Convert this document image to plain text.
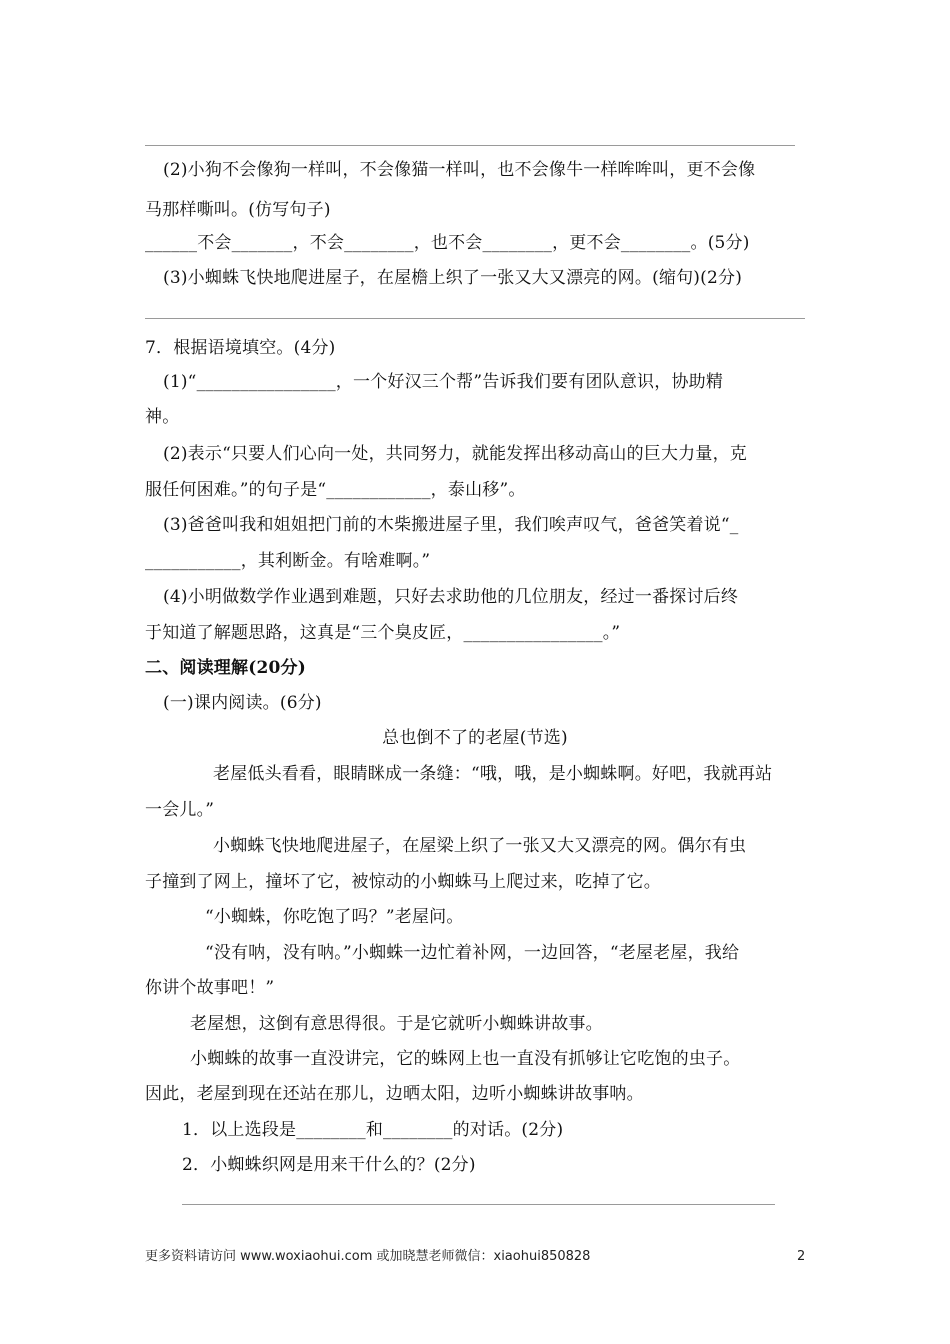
(2)小狗不会像狗一样叫，不会像猫一样叫，也不会像牛一样哞哞叫，更不会像
马那样嘶叫。(仿写句子)
______不会_______，不会________，也不会________，更不会________。(5分)
(3)小蜘蛛飞快地爬进屋子，在屋檐上织了一张又大又漂亮的网。(缩句)(2分)
7．根据语境填空。(4分)
(1)“________________，一个好汉三个帮”告诉我们要有团队意识，协助精
神。
(2)表示“只要人们心向一处，共同努力，就能发挥出移动高山的巨大力量，克
服任何困难。”的句子是“____________，泰山移”。
(3)爸爸叫我和姐姐把门前的木柴搬进屋子里，我们唉声叹气，爸爸笑着说“_
___________，其利断金。有啥难啊。”
(4)小明做数学作业遇到难题，只好去求助他的几位朋友，经过一番探讨后终
于知道了解题思路，这真是“三个臭皮匠，________________。”
二、阅读理解(20分)
(一)课内阅读。(6分)
总也倒不了的老屋(节选)
老屋低头看看，眼睛眯成一条缝：“哦，哦，是小蜘蛛啊。好吧，我就再站
一会儿。”
小蜘蛛飞快地爬进屋子，在屋梁上织了一张又大又漂亮的网。偶尔有虫
子撞到了网上，撞坏了它，被惊动的小蜘蛛马上爬过来，吃掉了它。
“小蜘蛛，你吃饱了吗？”老屋问。
“没有呐，没有呐。”小蜘蛛一边忙着补网，一边回答，“老屋老屋，我给
你讲个故事吧！”
老屋想，这倒有意思得很。于是它就听小蜘蛛讲故事。
小蜘蛛的故事一直没讲完，它的蛛网上也一直没有抓够让它吃饱的虫子。
因此，老屋到现在还站在那儿，边晒太阳，边听小蜘蛛讲故事呐。
1．以上选段是________和________的对话。(2分)
2．小蜘蛛织网是用来干什么的？(2分)
更多资料请访问 www.woxiaohui.com 或加晓慧老师微信：xiaohui850828	2
